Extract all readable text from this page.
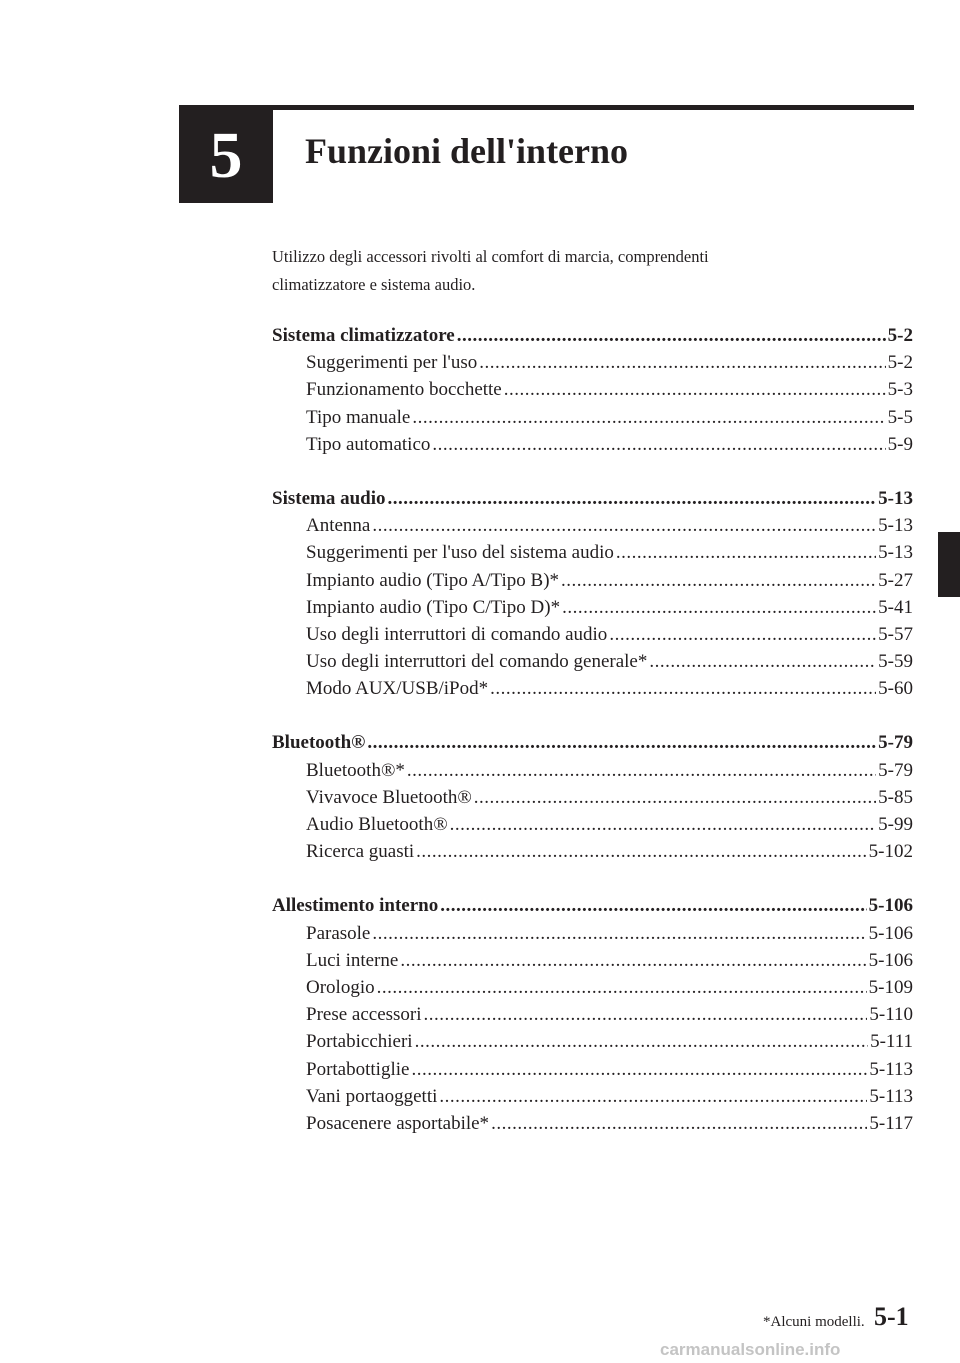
5 Funzioni dell'interno

Utilizzo degli accessori rivolti al comfort di marcia, comprendenti

climatizzatore e sistema audio.

Sistema climatizzatore .....	5-2
Suggerimenti per l'uso .....	5-2
Funzionamento bocchette .....	5-3
Tipo manuale .....	5-5
Tipo automatico .....	5-9
Sistema audio .....	5-13
Antenna .....	5-13
Suggerimenti per l'uso del sistema audio .....	5-13
Impianto audio (Tipo A/Tipo B)* .....	5-27
Impianto audio (Tipo C/Tipo D)* .....	5-41
Uso degli interruttori di comando audio .....	5-57
Uso degli interruttori del comando generale* .....	5-59
Modo AUX/USB/iPod* .....	5-60
Bluetooth® .....	5-79
Bluetooth®* .....	5-79
Vivavoce Bluetooth® .....	5-85
Audio Bluetooth® .....	5-99
Ricerca guasti .....	5-102
Allestimento interno .....	5-106
Parasole .....	5-106
Luci interne .....	5-106
Orologio .....	5-109
Prese accessori .....	5-110
Portabicchieri .....	5-111
Portabottiglie .....	5-113
Vani portaoggetti .....	5-113
Posacenere asportabile* .....	5-117
*Alcuni modelli. 5-1
carmanualsonline.info
